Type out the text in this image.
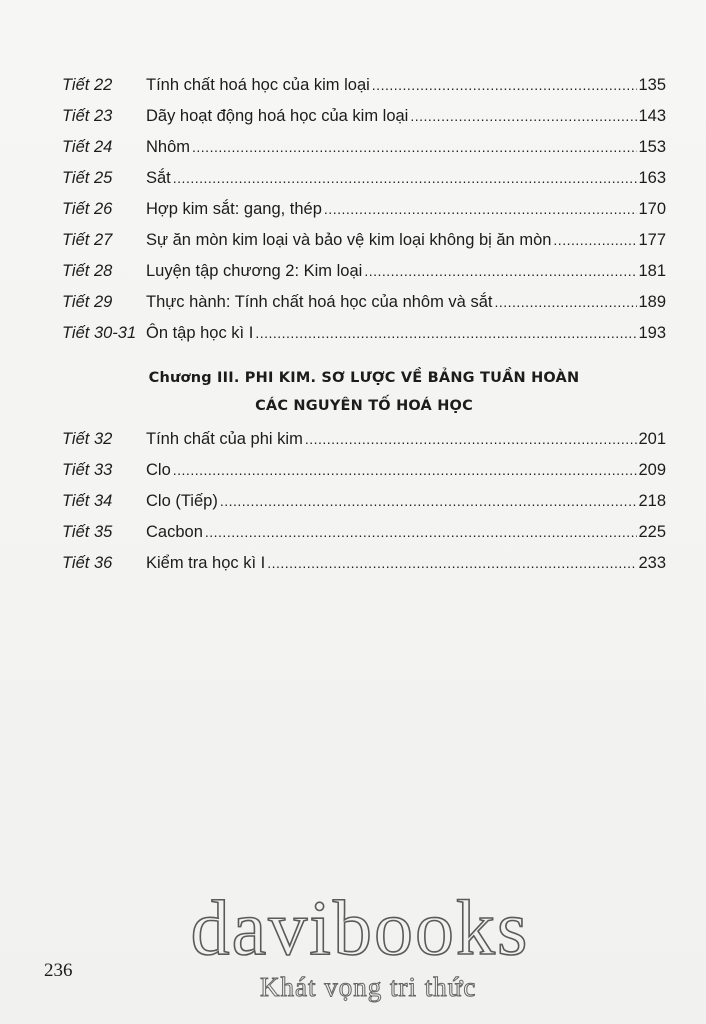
Tiết 22	Tính chất hoá học của kim loại .....	135
Tiết 23	Dãy hoạt động hoá học của kim loại .....	143
Tiết 24	Nhôm .....	153
Tiết 25	Sắt .....	163
Tiết 26	Hợp kim sắt: gang, thép .....	170
Tiết 27	Sự ăn mòn kim loại và bảo vệ kim loại không bị ăn mòn .....	177
Tiết 28	Luyện tập chương 2: Kim loại .....	181
Tiết 29	Thực hành: Tính chất hoá học của nhôm và sắt .....	189
Tiết 30-31 Ôn tập học kì I .....	193
Chương III. PHI KIM. SƠ LƯỢC VỀ BẢNG TUẦN HOÀN
CÁC NGUYÊN TỐ HOÁ HỌC
Tiết 32	Tính chất của phi kim .....	201
Tiết 33	Clo .....	209
Tiết 34	Clo (Tiếp) .....	218
Tiết 35	Cacbon .....	225
Tiết 36	Kiểm tra học kì I .....	233
236	davibooks
Khát vọng tri thức
